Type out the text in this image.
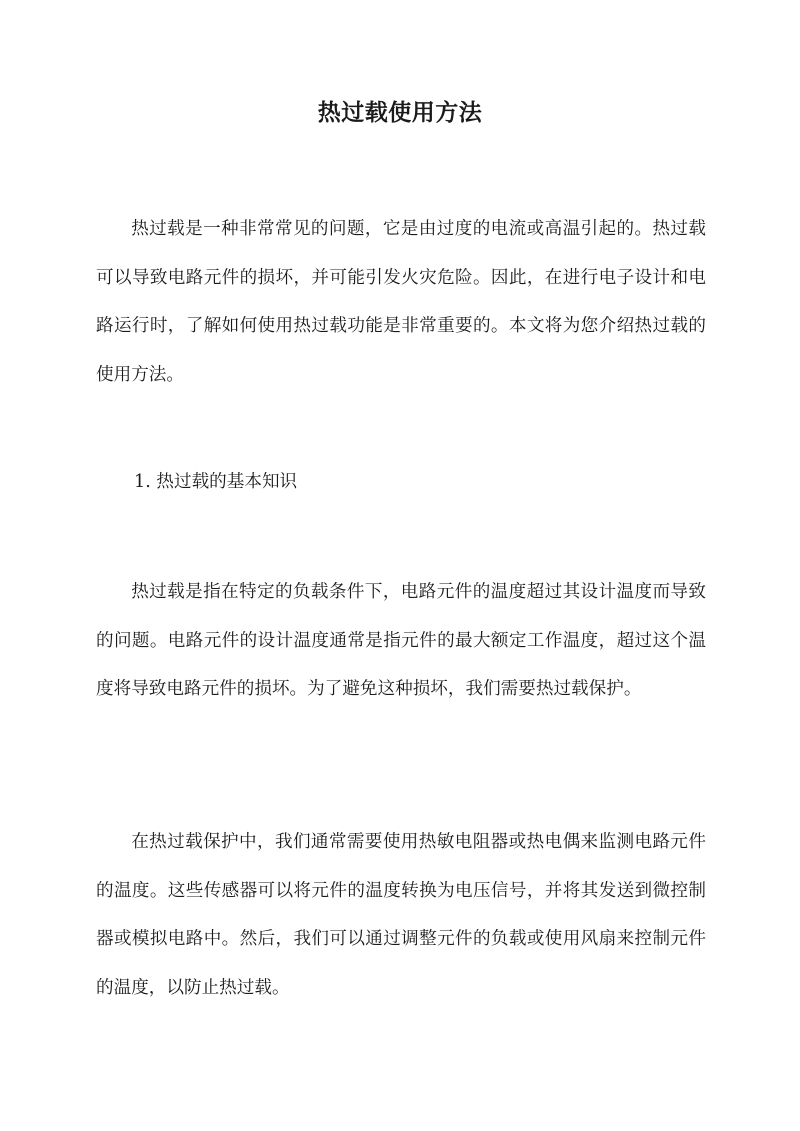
热过载使用方法

热过载是一种非常常见的问题，它是由过度的电流或高温引起的。热过载可以导致电路元件的损坏，并可能引发火灾危险。因此，在进行电子设计和电路运行时，了解如何使用热过载功能是非常重要的。本文将为您介绍热过载的使用方法。

1. 热过载的基本知识

热过载是指在特定的负载条件下，电路元件的温度超过其设计温度而导致的问题。电路元件的设计温度通常是指元件的最大额定工作温度，超过这个温度将导致电路元件的损坏。为了避免这种损坏，我们需要热过载保护。

在热过载保护中，我们通常需要使用热敏电阻器或热电偶来监测电路元件的温度。这些传感器可以将元件的温度转换为电压信号，并将其发送到微控制器或模拟电路中。然后，我们可以通过调整元件的负载或使用风扇来控制元件的温度，以防止热过载。
